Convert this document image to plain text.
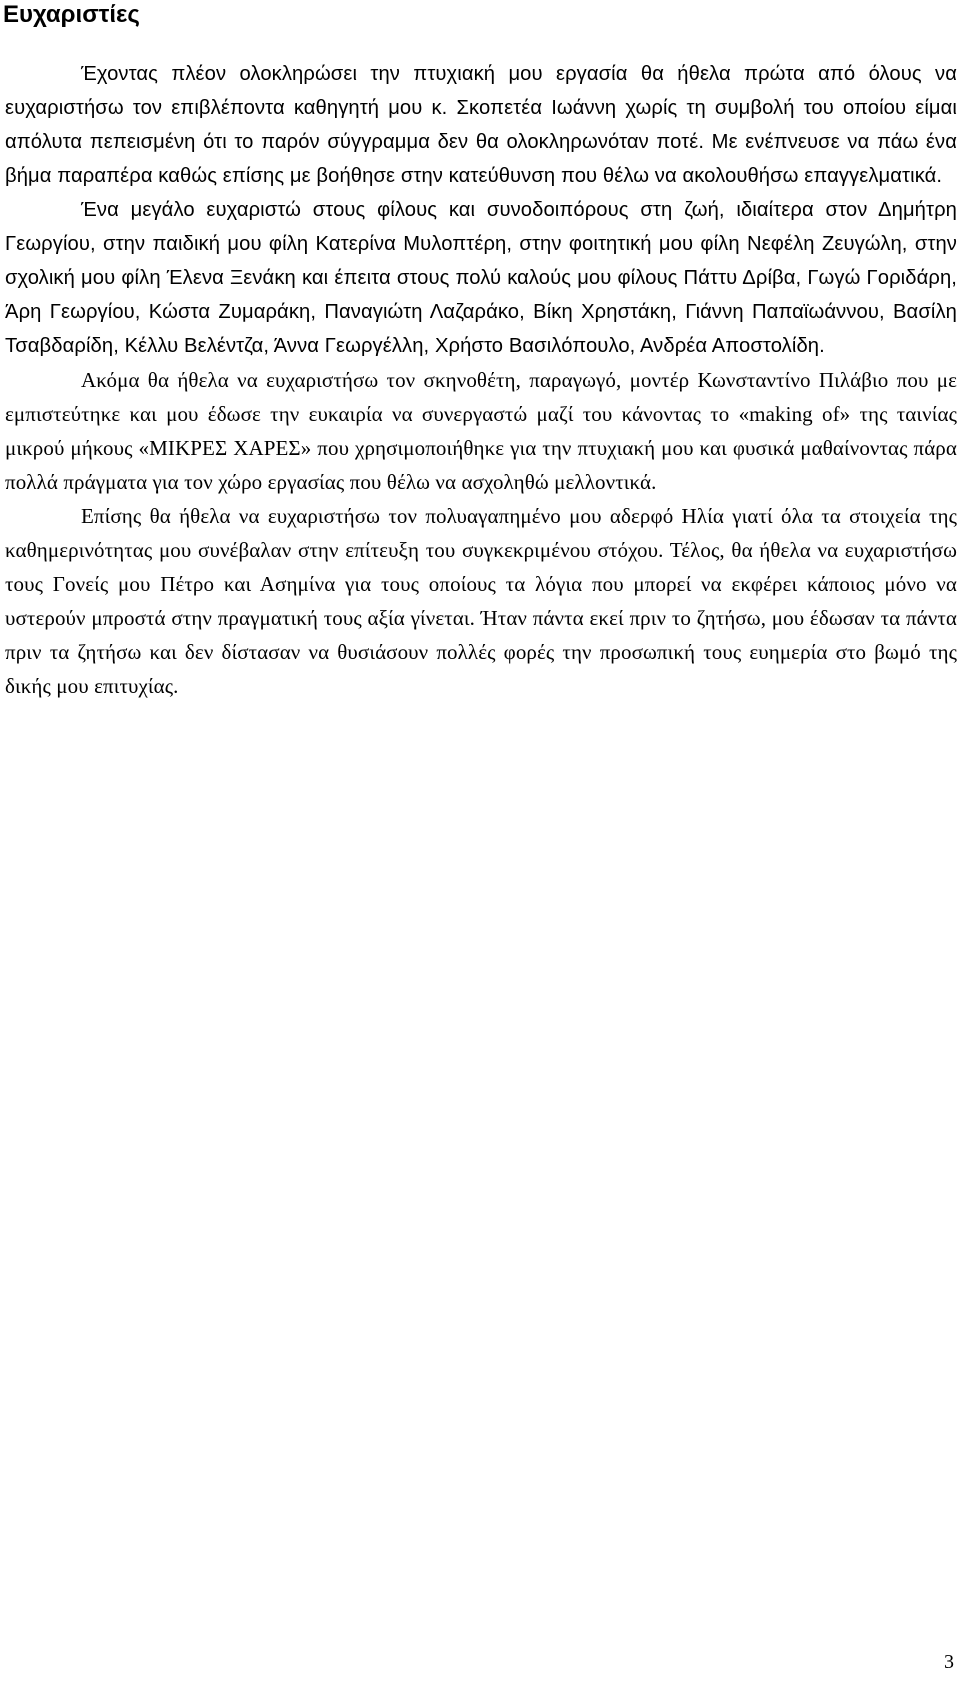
Ευχαριστίες

Έχοντας πλέον ολοκληρώσει την πτυχιακή μου εργασία θα ήθελα πρώτα από όλους να ευχαριστήσω τον επιβλέποντα καθηγητή μου κ. Σκοπετέα Ιωάννη χωρίς τη συμβολή του οποίου είμαι απόλυτα πεπεισμένη ότι το παρόν σύγγραμμα δεν θα ολοκληρωνόταν ποτέ. Με ενέπνευσε να πάω ένα βήμα παραπέρα καθώς επίσης με βοήθησε στην κατεύθυνση που θέλω να ακολουθήσω επαγγελματικά.

Ένα μεγάλο ευχαριστώ στους φίλους και συνοδοιπόρους στη ζωή, ιδιαίτερα στον Δημήτρη Γεωργίου, στην παιδική μου φίλη Κατερίνα Μυλοπτέρη, στην φοιτητική μου φίλη Νεφέλη Ζευγώλη, στην σχολική μου φίλη Έλενα Ξενάκη και έπειτα στους πολύ καλούς μου φίλους Πάττυ Δρίβα, Γωγώ Γοριδάρη, Άρη Γεωργίου, Κώστα Ζυμαράκη, Παναγιώτη Λαζαράκο, Βίκη Χρηστάκη, Γιάννη Παπαϊωάννου, Βασίλη Τσαβδαρίδη, Κέλλυ Βελέντζα, Άννα Γεωργέλλη, Χρήστο Βασιλόπουλο, Ανδρέα Αποστολίδη.

Ακόμα θα ήθελα να ευχαριστήσω τον σκηνοθέτη, παραγωγό, μοντέρ Κωνσταντίνο Πιλάβιο που με εμπιστεύτηκε και μου έδωσε την ευκαιρία να συνεργαστώ μαζί του κάνοντας το «making of» της ταινίας μικρού μήκους «ΜΙΚΡΕΣ ΧΑΡΕΣ» που χρησιμοποιήθηκε για την πτυχιακή μου και φυσικά μαθαίνοντας πάρα πολλά πράγματα για τον χώρο εργασίας που θέλω να ασχοληθώ μελλοντικά.

Επίσης θα ήθελα να ευχαριστήσω τον πολυαγαπημένο μου αδερφό Ηλία γιατί όλα τα στοιχεία της καθημερινότητας μου συνέβαλαν στην επίτευξη του συγκεκριμένου στόχου. Τέλος, θα ήθελα να ευχαριστήσω τους Γονείς μου Πέτρο και Ασημίνα για τους οποίους τα λόγια που μπορεί να εκφέρει κάποιος μόνο να υστερούν μπροστά στην πραγματική τους αξία γίνεται. Ήταν πάντα εκεί πριν το ζητήσω, μου έδωσαν τα πάντα πριν τα ζητήσω και δεν δίστασαν να θυσιάσουν πολλές φορές την προσωπική τους ευημερία στο βωμό της δικής μου επιτυχίας.

3
